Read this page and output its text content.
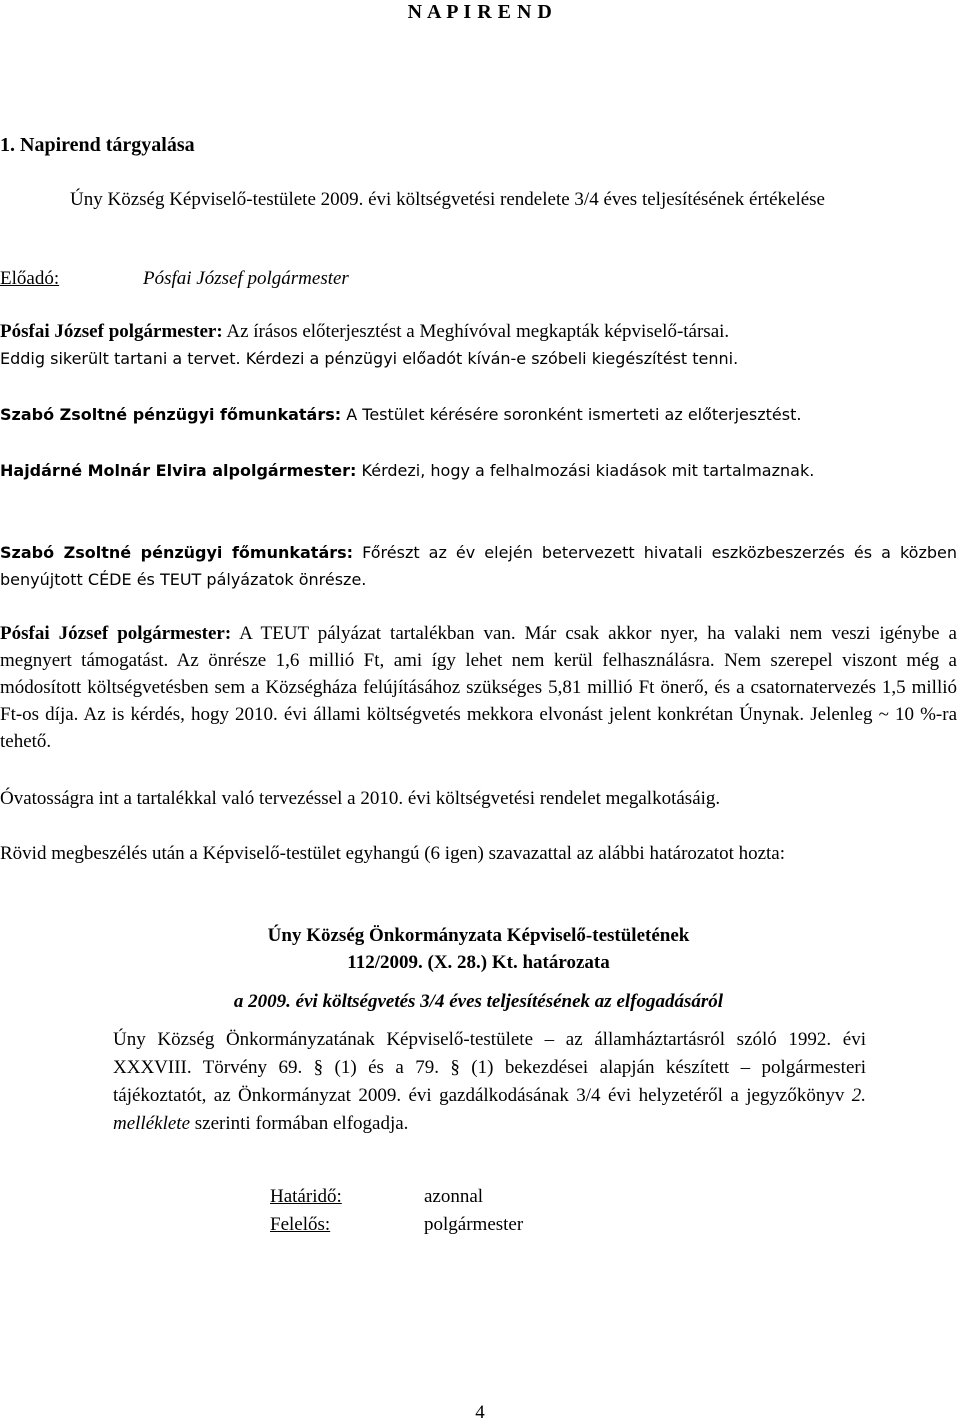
N A P I R E N D
1. Napirend tárgyalása
Úny Község Képviselő-testülete 2009. évi költségvetési rendelete 3/4 éves teljesítésének értékelése
Előadó:	Pósfai József polgármester
Pósfai József polgármester: Az írásos előterjesztést a Meghívóval megkapták képviselő-társai.
Eddig sikerült tartani a tervet. Kérdezi a pénzügyi előadót kíván-e szóbeli kiegészítést tenni.
Szabó Zsoltné pénzügyi főmunkatárs: A Testület kérésére soronként ismerteti az előterjesztést.
Hajdárné Molnár Elvira alpolgármester: Kérdezi, hogy a felhalmozási kiadások mit tartalmaznak.
Szabó Zsoltné pénzügyi főmunkatárs: Főrészt az év elején betervezett hivatali eszközbeszerzés és a közben benyújtott CÉDE és TEUT pályázatok önrésze.
Pósfai József polgármester: A TEUT pályázat tartalékban van. Már csak akkor nyer, ha valaki nem veszi igénybe a megnyert támogatást. Az önrésze 1,6 millió Ft, ami így lehet nem kerül felhasználásra. Nem szerepel viszont még a módosított költségvetésben sem a Községháza felújításához szükséges 5,81 millió Ft önerő, és a csatornatervezés 1,5 millió Ft-os díja. Az is kérdés, hogy 2010. évi állami költségvetés mekkora elvonást jelent konkrétan Únynak. Jelenleg ~ 10 %-ra tehető.
Óvatosságra int a tartalékkal való tervezéssel a 2010. évi költségvetési rendelet megalkotásáig.
Rövid megbeszélés után a Képviselő-testület egyhangú (6 igen) szavazattal az alábbi határozatot hozta:
Úny Község Önkormányzata Képviselő-testületének
112/2009. (X. 28.) Kt. határozata
a 2009. évi költségvetés 3/4 éves teljesítésének az elfogadásáról
Úny Község Önkormányzatának Képviselő-testülete – az államháztartásról szóló 1992. évi XXXVIII. Törvény 69. § (1) és a 79. § (1) bekezdései alapján készített – polgármesteri tájékoztatót, az Önkormányzat 2009. évi gazdálkodásának 3/4 évi helyzetéről a jegyzőkönyv 2. melléklete szerinti formában elfogadja.
Határidő:	azonnal
Felelős:	polgármester
4
